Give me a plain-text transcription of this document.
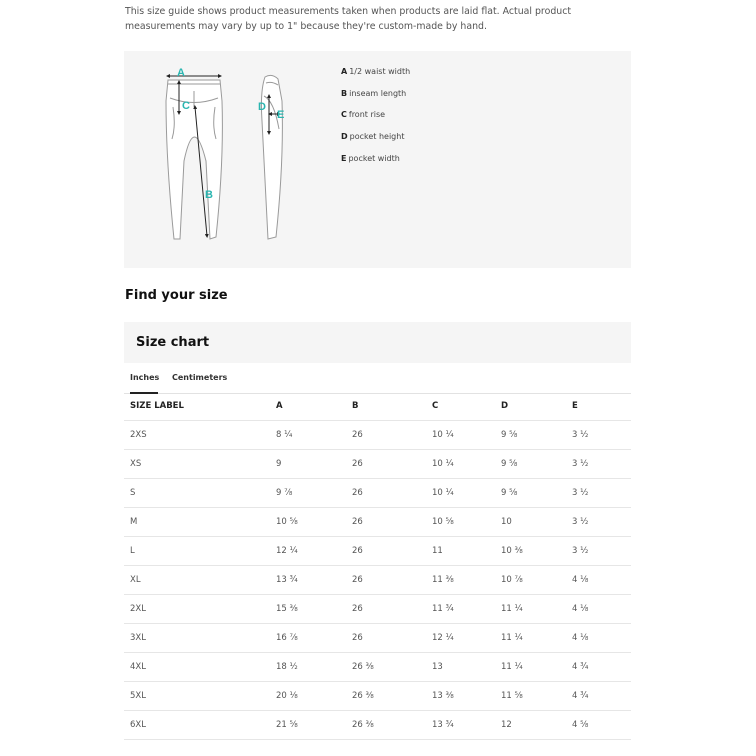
This size guide shows product measurements taken when products are laid flat. Actual product measurements may vary by up to 1" because they're custom-made by hand.
A
C
B
D
E
A 1/2 waist width
B inseam length
C front rise
D pocket height
E pocket width
Find your size
Size chart
Inches Centimeters
SIZE LABEL	A	B	C	D	E
2XS	8 ¼	26	10 ¼	9 ⅝	3 ½
XS	9	26	10 ¼	9 ⅝	3 ½
S	9 ⅞	26	10 ¼	9 ⅝	3 ½
M	10 ⅝	26	10 ⅝	10	3 ½
L	12 ¼	26	11	10 ⅜	3 ½
XL	13 ¾	26	11 ⅜	10 ⅞	4 ⅛
2XL	15 ⅜	26	11 ¾	11 ¼	4 ⅛
3XL	16 ⅞	26	12 ¼	11 ¼	4 ⅛
4XL	18 ½	26 ⅜	13	11 ¼	4 ¾
5XL	20 ⅛	26 ⅜	13 ⅜	11 ⅝	4 ¾
6XL	21 ⅝	26 ⅜	13 ¾	12	4 ⅝
